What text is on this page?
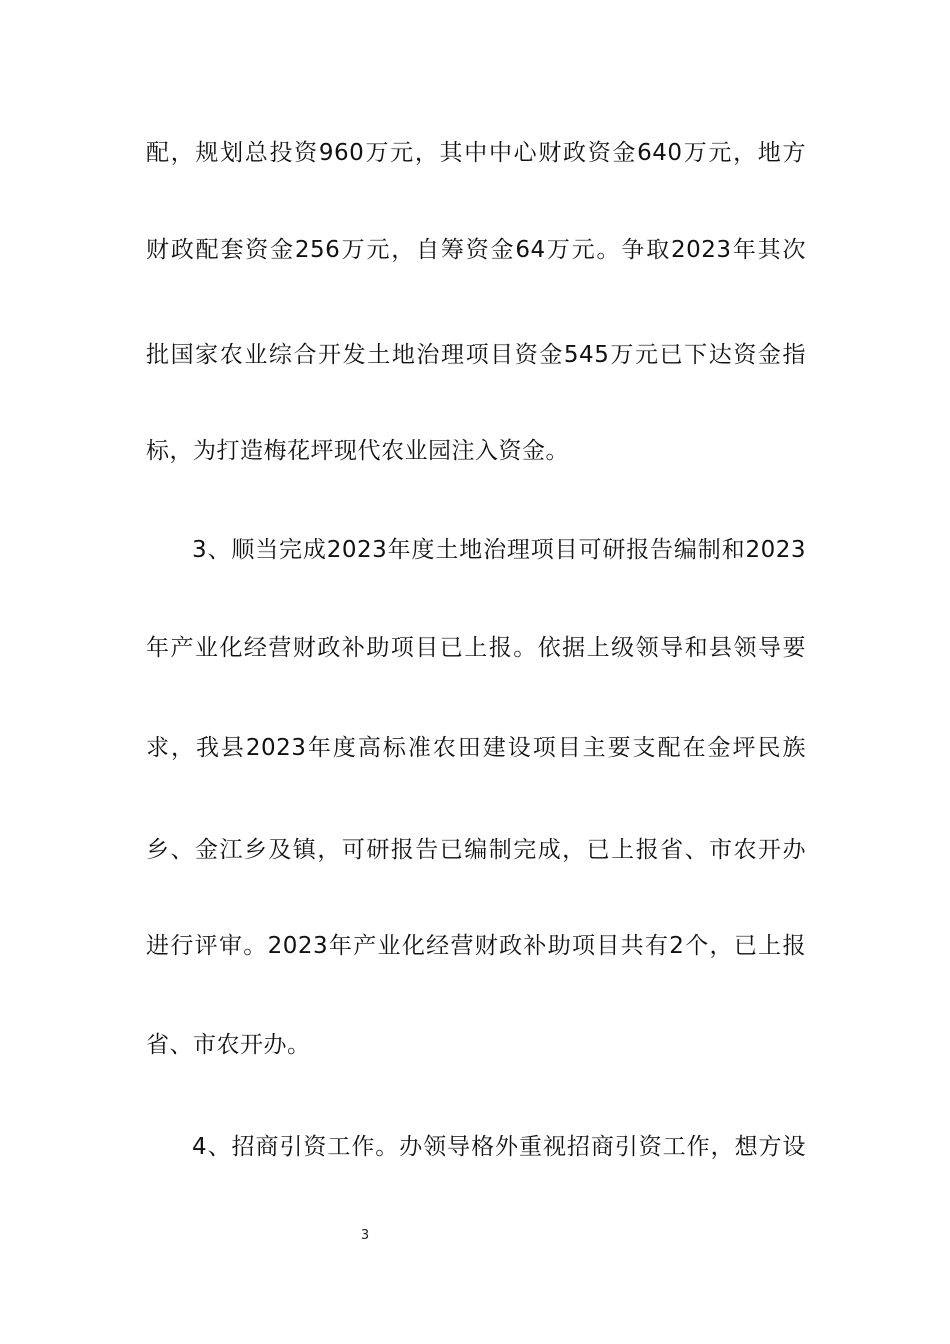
配，规划总投资960万元，其中中心财政资金640万元，地方
财政配套资金256万元，自筹资金64万元。争取2023年其次
批国家农业综合开发土地治理项目资金545万元已下达资金指
标，为打造梅花坪现代农业园注入资金。
3、顺当完成2023年度土地治理项目可研报告编制和2023
年产业化经营财政补助项目已上报。依据上级领导和县领导要
求，我县2023年度高标准农田建设项目主要支配在金坪民族
乡、金江乡及镇，可研报告已编制完成，已上报省、市农开办
进行评审。2023年产业化经营财政补助项目共有2个，已上报
省、市农开办。
4、招商引资工作。办领导格外重视招商引资工作，想方设
3
